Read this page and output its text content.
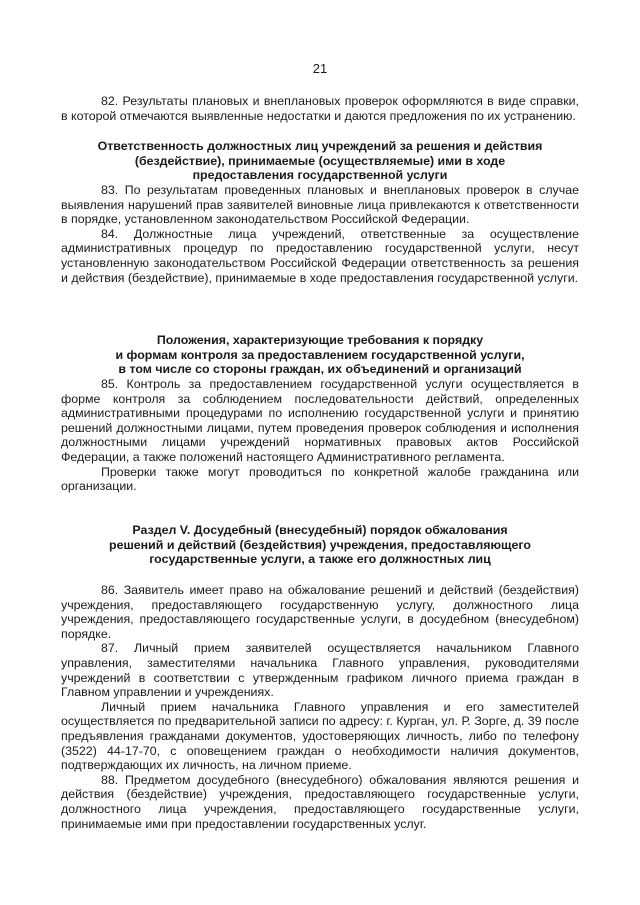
21

82. Результаты плановых и внеплановых проверок оформляются в виде справки, в которой отмечаются выявленные недостатки и даются предложения по их устранению.

Ответственность должностных лиц учреждений за решения и действия
(бездействие), принимаемые (осуществляемые) ими в ходе
предоставления государственной услуги

83. По результатам проведенных плановых и внеплановых проверок в случае выявления нарушений прав заявителей виновные лица привлекаются к ответственности в порядке, установленном законодательством Российской Федерации.

84. Должностные лица учреждений, ответственные за осуществление административных процедур по предоставлению государственной услуги, несут установленную законодательством Российской Федерации ответственность за решения и действия (бездействие), принимаемые в ходе предоставления государственной услуги.

Положения, характеризующие требования к порядку
и формам контроля за предоставлением государственной услуги,
в том числе со стороны граждан, их объединений и организаций

85. Контроль за предоставлением государственной услуги осуществляется в форме контроля за соблюдением последовательности действий, определенных административными процедурами по исполнению государственной услуги и принятию решений должностными лицами, путем проведения проверок соблюдения и исполнения должностными лицами учреждений нормативных правовых актов Российской Федерации, а также положений настоящего Административного регламента.

Проверки также могут проводиться по конкретной жалобе гражданина или организации.

Раздел V. Досудебный (внесудебный) порядок обжалования
решений и действий (бездействия) учреждения, предоставляющего
государственные услуги, а также его должностных лиц

86. Заявитель имеет право на обжалование решений и действий (бездействия) учреждения, предоставляющего государственную услугу, должностного лица учреждения, предоставляющего государственные услуги, в досудебном (внесудебном) порядке.

87. Личный прием заявителей осуществляется начальником Главного управления, заместителями начальника Главного управления, руководителями учреждений в соответствии с утвержденным графиком личного приема граждан в Главном управлении и учреждениях.

Личный прием начальника Главного управления и его заместителей осуществляется по предварительной записи по адресу: г. Курган, ул. Р. Зорге, д. 39 после предъявления гражданами документов, удостоверяющих личность, либо по телефону (3522) 44-17-70, с оповещением граждан о необходимости наличия документов, подтверждающих их личность, на личном приеме.

88. Предметом досудебного (внесудебного) обжалования являются решения и действия (бездействие) учреждения, предоставляющего государственные услуги, должностного лица учреждения, предоставляющего государственные услуги, принимаемые ими при предоставлении государственных услуг.
